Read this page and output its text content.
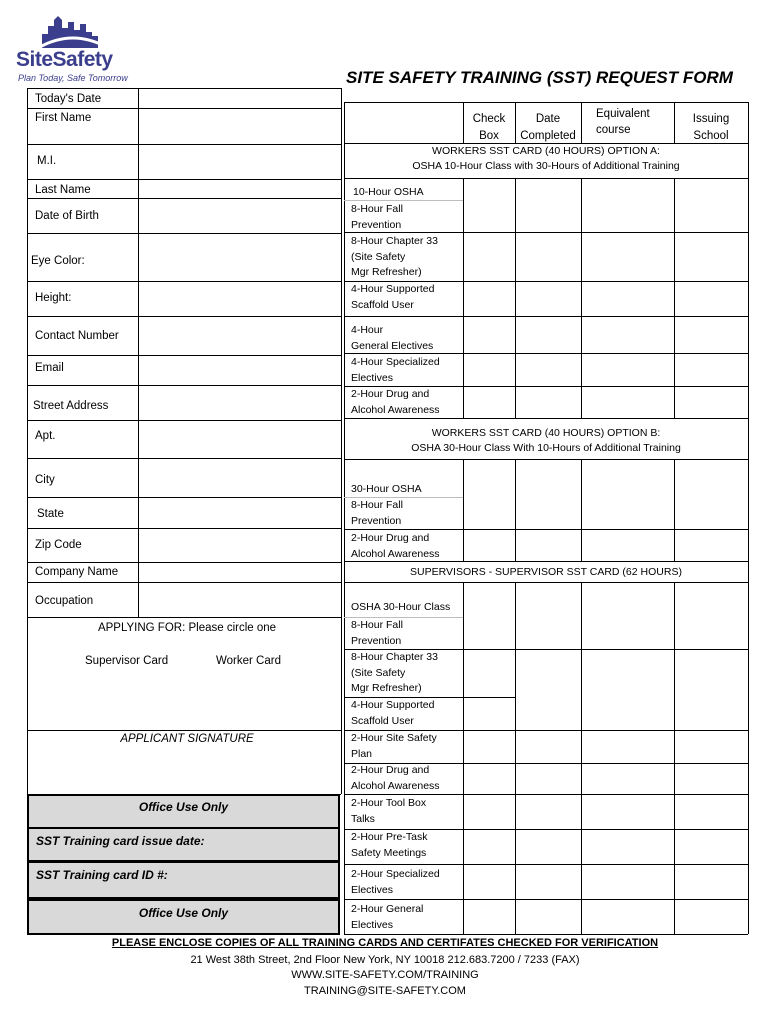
SiteSafety
Plan Today, Safe Tomorrow	SITE SAFETY TRAINING (SST) REQUEST FORM
Today's Date
First Name
M.I.
Last Name
Date of Birth
Eye Color:
Height:
Contact Number
Email
Street Address
Apt.
City
State
Zip Code
Company Name
Occupation
APPLYING FOR: Please circle one
Supervisor Card	Worker Card
APPLICANT SIGNATURE
Office Use Only
SST Training card issue date:
SST Training card ID #:
Office Use Only
Check
Box
Date
Completed
Equivalent
course
Issuing
School
WORKERS SST CARD (40 HOURS) OPTION A:
OSHA 10-Hour Class with 30-Hours of Additional Training
10-Hour OSHA
8-Hour Fall
Prevention
8-Hour Chapter 33
(Site Safety
Mgr Refresher)
4-Hour Supported
Scaffold User
4-Hour
General Electives
4-Hour Specialized
Electives
2-Hour Drug and
Alcohol Awareness
WORKERS SST CARD (40 HOURS) OPTION B:
OSHA 30-Hour Class With 10-Hours of Additional Training
30-Hour OSHA
8-Hour Fall
Prevention
2-Hour Drug and
Alcohol Awareness
SUPERVISORS - SUPERVISOR SST CARD (62 HOURS)
OSHA 30-Hour Class
8-Hour Fall
Prevention
8-Hour Chapter 33
(Site Safety
Mgr Refresher)
4-Hour Supported
Scaffold User
2-Hour Site Safety
Plan
2-Hour Drug and
Alcohol Awareness
2-Hour Tool Box
Talks
2-Hour Pre-Task
Safety Meetings
2-Hour Specialized
Electives
2-Hour General
Electives
PLEASE ENCLOSE COPIES OF ALL TRAINING CARDS AND CERTIFATES CHECKED FOR VERIFICATION
21 West 38th Street, 2nd Floor New York, NY 10018 212.683.7200 / 7233 (FAX)
WWW.SITE-SAFETY.COM/TRAINING
TRAINING@SITE-SAFETY.COM
